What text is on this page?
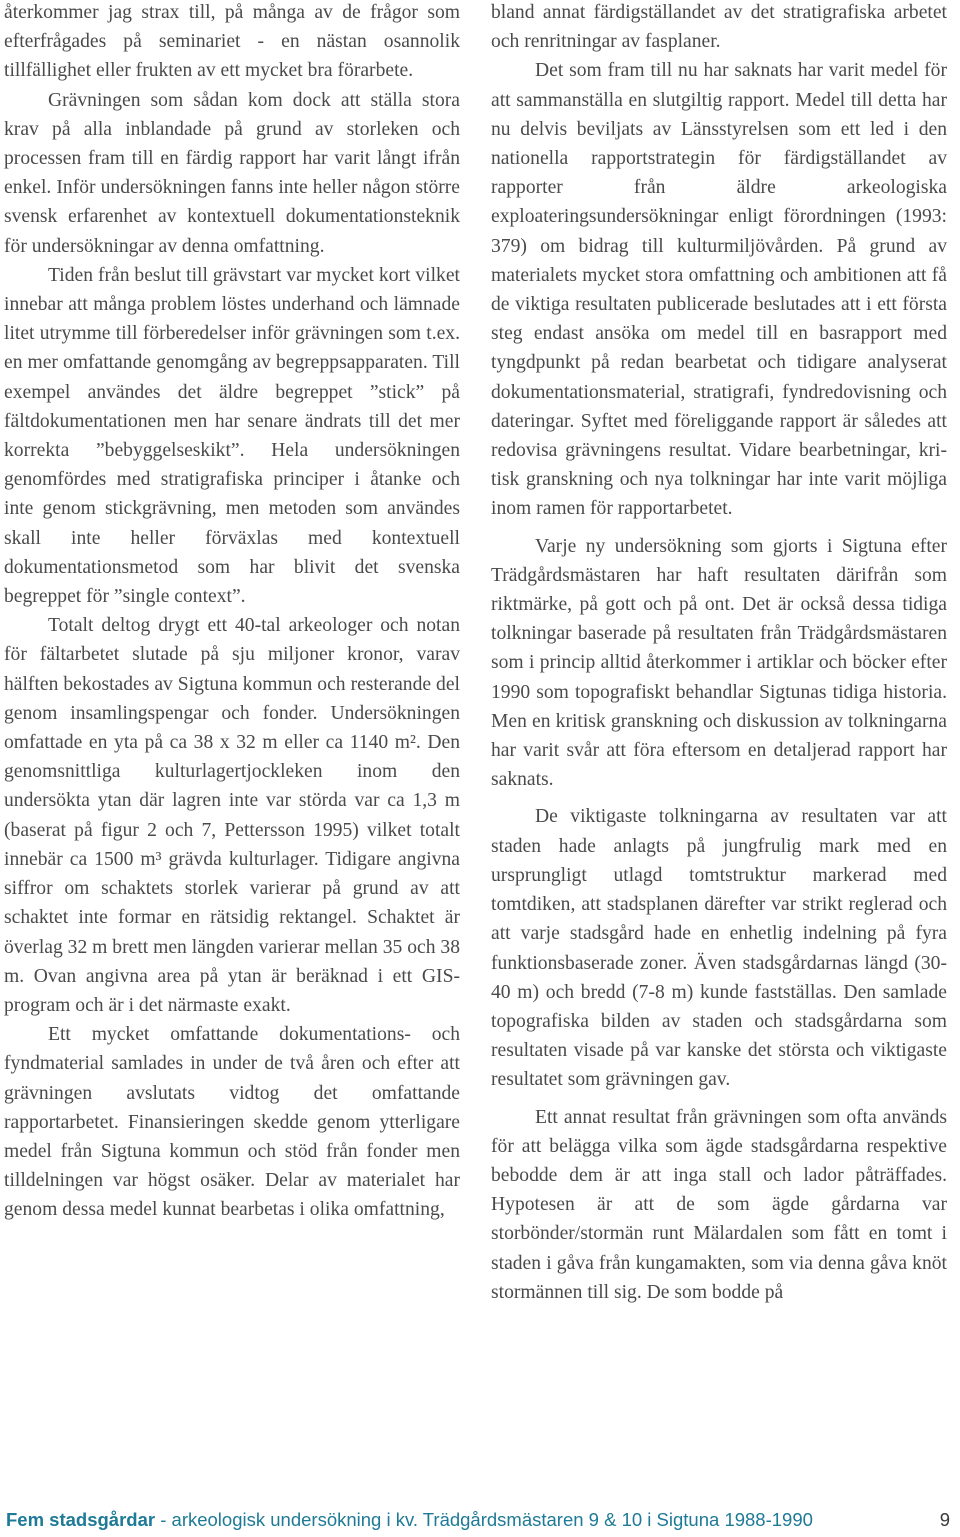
återkommer jag strax till, på många av de frågor som efterfrågades på seminariet - en nästan osannolik tillfällighet eller frukten av ett mycket bra förarbete.

Grävningen som sådan kom dock att ställa stora krav på alla inblandade på grund av storleken och processen fram till en färdig rapport har varit långt ifrån enkel. Inför undersökningen fanns inte heller någon större svensk erfarenhet av kontextuell dokumentationsteknik för undersökningar av denna omfattning.

Tiden från beslut till grävstart var mycket kort vilket innebar att många problem löstes underhand och lämnade litet utrymme till förberedelser inför grävningen som t.ex. en mer omfattande genomgång av begreppsapparaten. Till exempel användes det äldre begreppet ”stick” på fältdokumentationen men har senare ändrats till det mer korrekta ”bebyggelseskikt”. Hela undersökningen genomfördes med stratigrafiska principer i åtanke och inte genom stickgrävning, men metoden som användes skall inte heller förväxlas med kontextuell dokumentationsmetod som har blivit det svenska begreppet för ”single context”.

Totalt deltog drygt ett 40-tal arkeologer och notan för fältarbetet slutade på sju miljoner kronor, varav hälften bekostades av Sigtuna kommun och resterande del genom insamlingspengar och fonder. Undersökningen omfattade en yta på ca 38 x 32 m eller ca 1140 m². Den genomsnittliga kulturlagertjockleken inom den undersökta ytan där lagren inte var störda var ca 1,3 m (baserat på figur 2 och 7, Pettersson 1995) vilket totalt innebär ca 1500 m³ grävda kulturlager. Tidigare angivna siffror om schaktets storlek varierar på grund av att schaktet inte formar en rätsidig rektangel. Schaktet är överlag 32 m brett men längden varierar mellan 35 och 38 m. Ovan angivna area på ytan är beräknad i ett GIS-program och är i det närmaste exakt.

Ett mycket omfattande dokumentations- och fyndmaterial samlades in under de två åren och efter att grävningen avslutats vidtog det omfattande rapportarbetet. Finansieringen skedde genom ytterligare medel från Sigtuna kommun och stöd från fonder men tilldelningen var högst osäker. Delar av materialet har genom dessa medel kunnat bearbetas i olika omfattning,

bland annat färdigställandet av det stratigrafiska arbetet och renritningar av fasplaner.

Det som fram till nu har saknats har varit medel för att sammanställa en slutgiltig rapport. Medel till detta har nu delvis beviljats av Länsstyrelsen som ett led i den nationella rapportstrategin för färdigställandet av rapporter från äldre arkeologiska exploateringsundersökningar enligt förordningen (1993: 379) om bidrag till kulturmiljövården. På grund av materialets mycket stora omfattning och ambitionen att få de viktiga resultaten publicerade beslutades att i ett första steg endast ansöka om medel till en basrapport med tyngdpunkt på redan bearbetat och tidigare analyserat dokumentationsmaterial, stratigrafi, fyndredovisning och dateringar. Syftet med föreliggande rapport är således att redovisa grävningens resultat. Vidare bearbetningar, kritisk granskning och nya tolkningar har inte varit möjliga inom ramen för rapportarbetet.

Varje ny undersökning som gjorts i Sigtuna efter Trädgårdsmästaren har haft resultaten därifrån som riktmärke, på gott och på ont. Det är också dessa tidiga tolkningar baserade på resultaten från Trädgårdsmästaren som i princip alltid återkommer i artiklar och böcker efter 1990 som topografiskt behandlar Sigtunas tidiga historia. Men en kritisk granskning och diskussion av tolkningarna har varit svår att föra eftersom en detaljerad rapport har saknats.

De viktigaste tolkningarna av resultaten var att staden hade anlagts på jungfrulig mark med en ursprungligt utlagd tomtstruktur markerad med tomtdiken, att stadsplanen därefter var strikt reglerad och att varje stadsgård hade en enhetlig indelning på fyra funktionsbaserade zoner. Även stadsgårdarnas längd (30-40 m) och bredd (7-8 m) kunde fastställas. Den samlade topografiska bilden av staden och stadsgårdarna som resultaten visade på var kanske det största och viktigaste resultatet som grävningen gav.

Ett annat resultat från grävningen som ofta används för att belägga vilka som ägde stadsgårdarna respektive bebodde dem är att inga stall och lador påträffades. Hypotesen är att de som ägde gårdarna var storbönder/stormän runt Mälardalen som fått en tomt i staden i gåva från kungamakten, som via denna gåva knöt stormännen till sig. De som bodde på

Fem stadsgårdar - arkeologisk undersökning i kv. Trädgårdsmästaren 9 & 10 i Sigtuna 1988-1990	9
